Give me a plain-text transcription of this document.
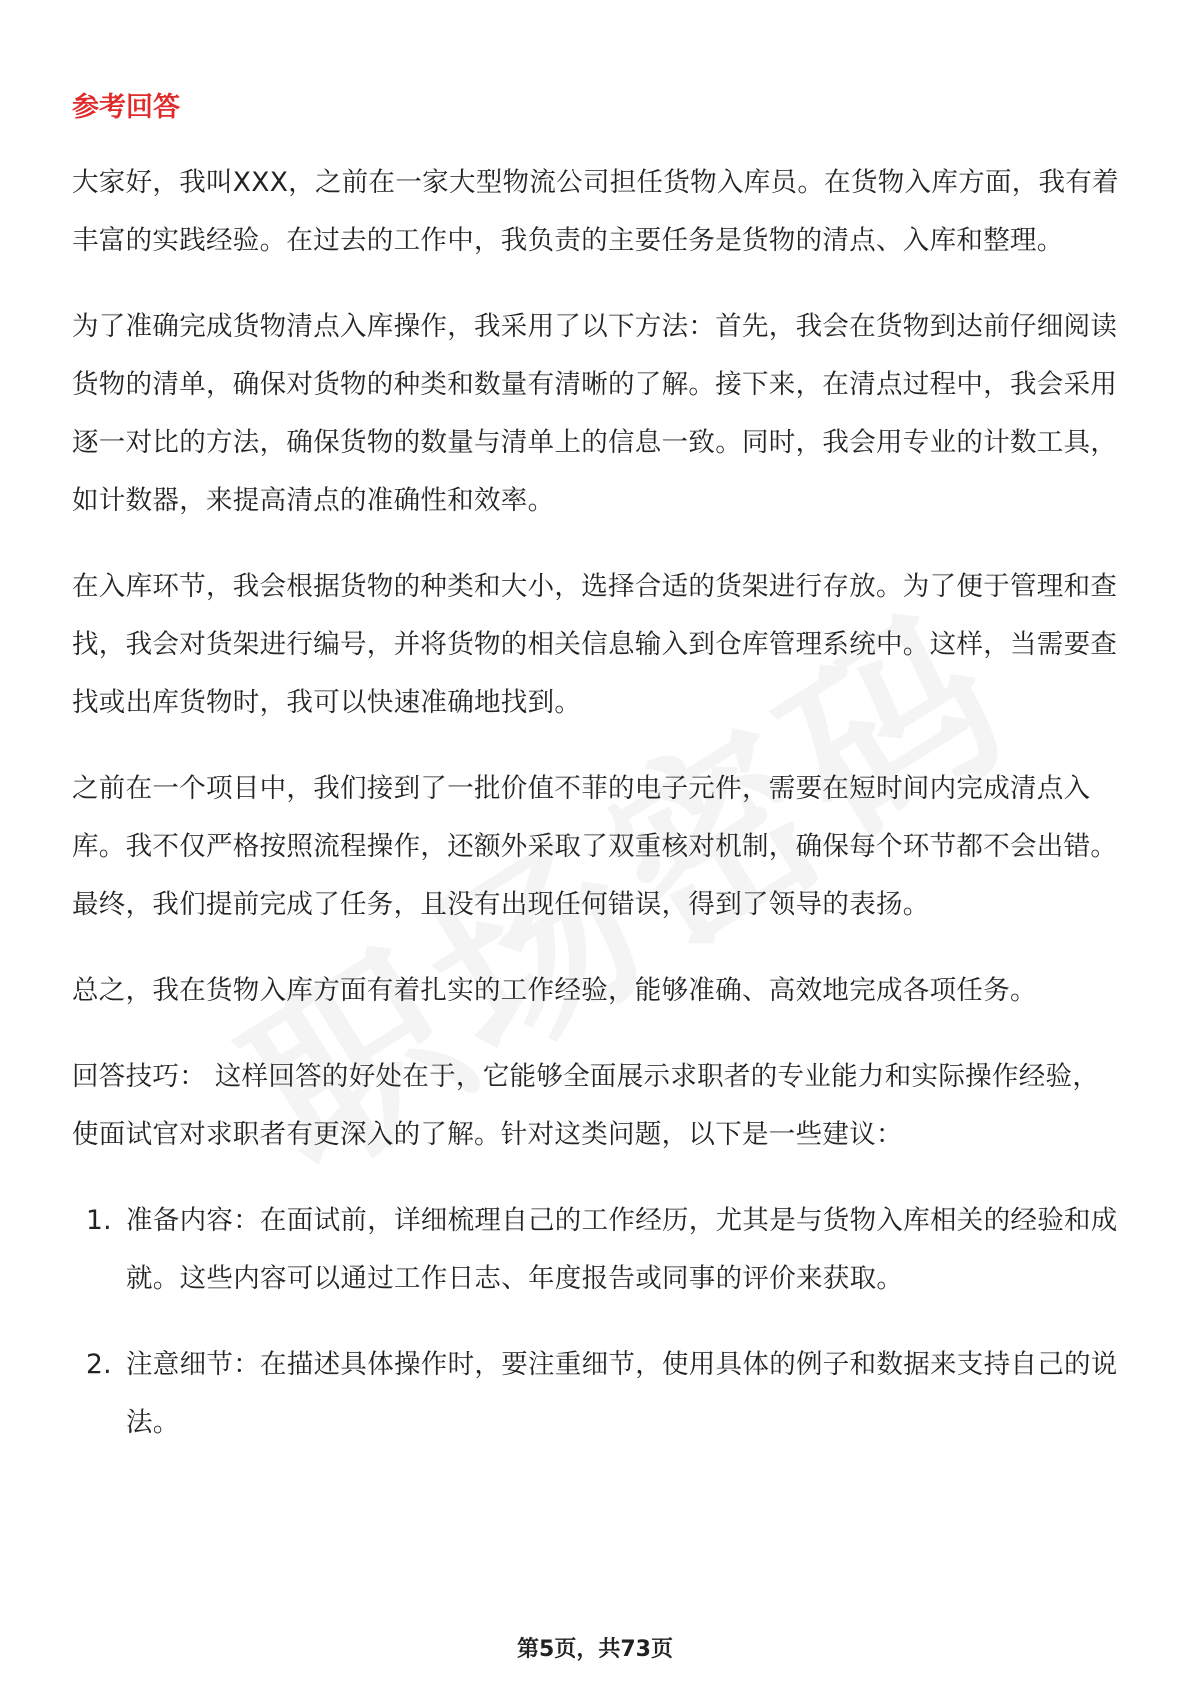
参考回答

大家好，我叫XXX，之前在一家大型物流公司担任货物入库员。在货物入库方面，我有着丰富的实践经验。在过去的工作中，我负责的主要任务是货物的清点、入库和整理。

为了准确完成货物清点入库操作，我采用了以下方法：首先，我会在货物到达前仔细阅读货物的清单，确保对货物的种类和数量有清晰的了解。接下来，在清点过程中，我会采用逐一对比的方法，确保货物的数量与清单上的信息一致。同时，我会用专业的计数工具，如计数器，来提高清点的准确性和效率。

在入库环节，我会根据货物的种类和大小，选择合适的货架进行存放。为了便于管理和查找，我会对货架进行编号，并将货物的相关信息输入到仓库管理系统中。这样，当需要查找或出库货物时，我可以快速准确地找到。

之前在一个项目中，我们接到了一批价值不菲的电子元件，需要在短时间内完成清点入库。我不仅严格按照流程操作，还额外采取了双重核对机制，确保每个环节都不会出错。最终，我们提前完成了任务，且没有出现任何错误，得到了领导的表扬。

总之，我在货物入库方面有着扎实的工作经验，能够准确、高效地完成各项任务。

回答技巧： 这样回答的好处在于，它能够全面展示求职者的专业能力和实际操作经验，使面试官对求职者有更深入的了解。针对这类问题，以下是一些建议：

1. 准备内容：在面试前，详细梳理自己的工作经历，尤其是与货物入库相关的经验和成就。这些内容可以通过工作日志、年度报告或同事的评价来获取。
2. 注意细节：在描述具体操作时，要注重细节，使用具体的例子和数据来支持自己的说法。
第5页，共73页
